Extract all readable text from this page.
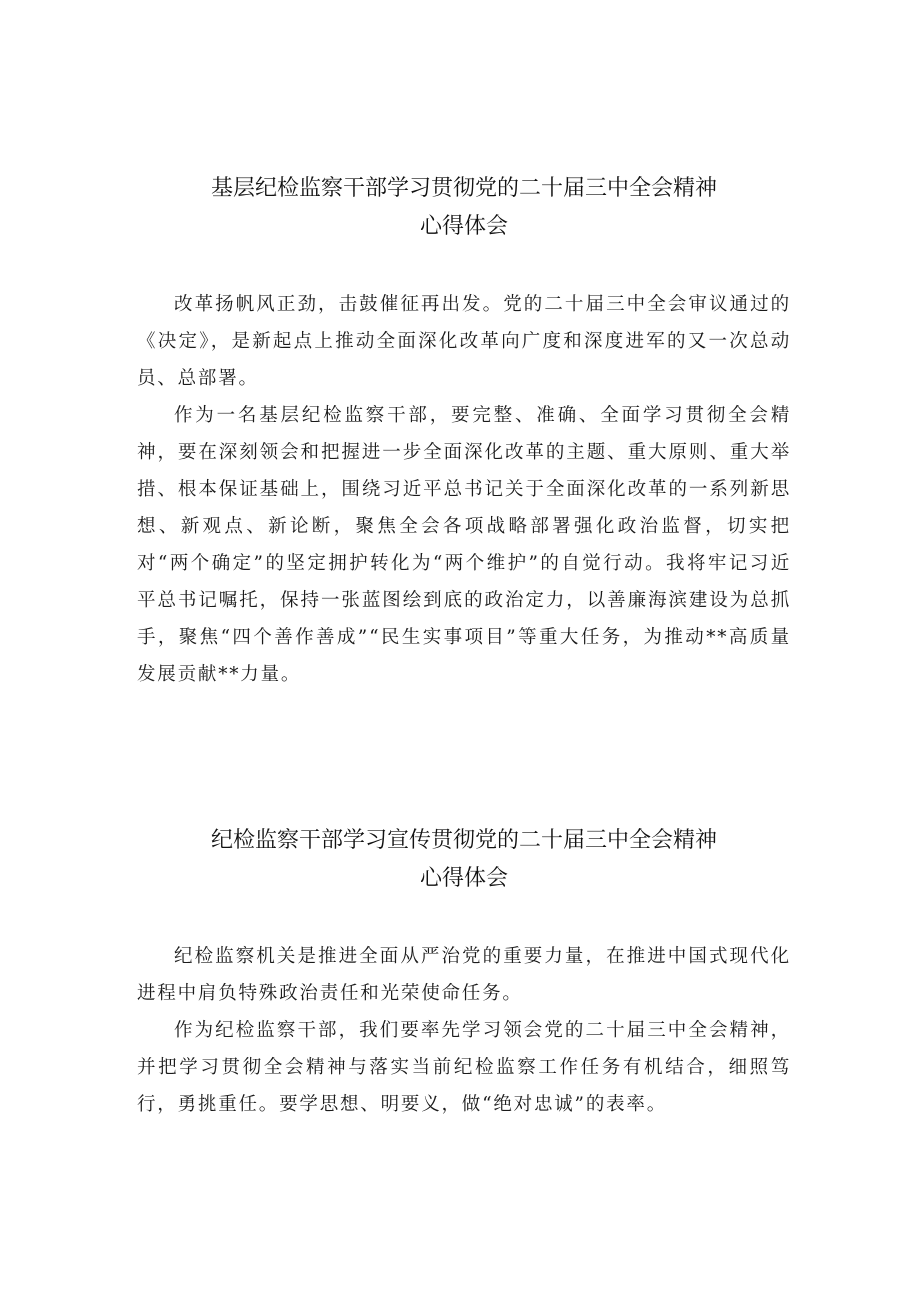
基层纪检监察干部学习贯彻党的二十届三中全会精神
心得体会

改革扬帆风正劲，击鼓催征再出发。党的二十届三中全会审议通过的《决定》，是新起点上推动全面深化改革向广度和深度进军的又一次总动员、总部署。

作为一名基层纪检监察干部，要完整、准确、全面学习贯彻全会精神，要在深刻领会和把握进一步全面深化改革的主题、重大原则、重大举措、根本保证基础上，围绕习近平总书记关于全面深化改革的一系列新思想、新观点、新论断，聚焦全会各项战略部署强化政治监督，切实把对“两个确定”的坚定拥护转化为“两个维护”的自觉行动。我将牢记习近平总书记嘱托，保持一张蓝图绘到底的政治定力，以善廉海滨建设为总抓手，聚焦“四个善作善成”“民生实事项目”等重大任务，为推动**高质量发展贡献**力量。

纪检监察干部学习宣传贯彻党的二十届三中全会精神
心得体会

纪检监察机关是推进全面从严治党的重要力量，在推进中国式现代化进程中肩负特殊政治责任和光荣使命任务。

作为纪检监察干部，我们要率先学习领会党的二十届三中全会精神，并把学习贯彻全会精神与落实当前纪检监察工作任务有机结合，细照笃行，勇挑重任。要学思想、明要义，做“绝对忠诚”的表率。
